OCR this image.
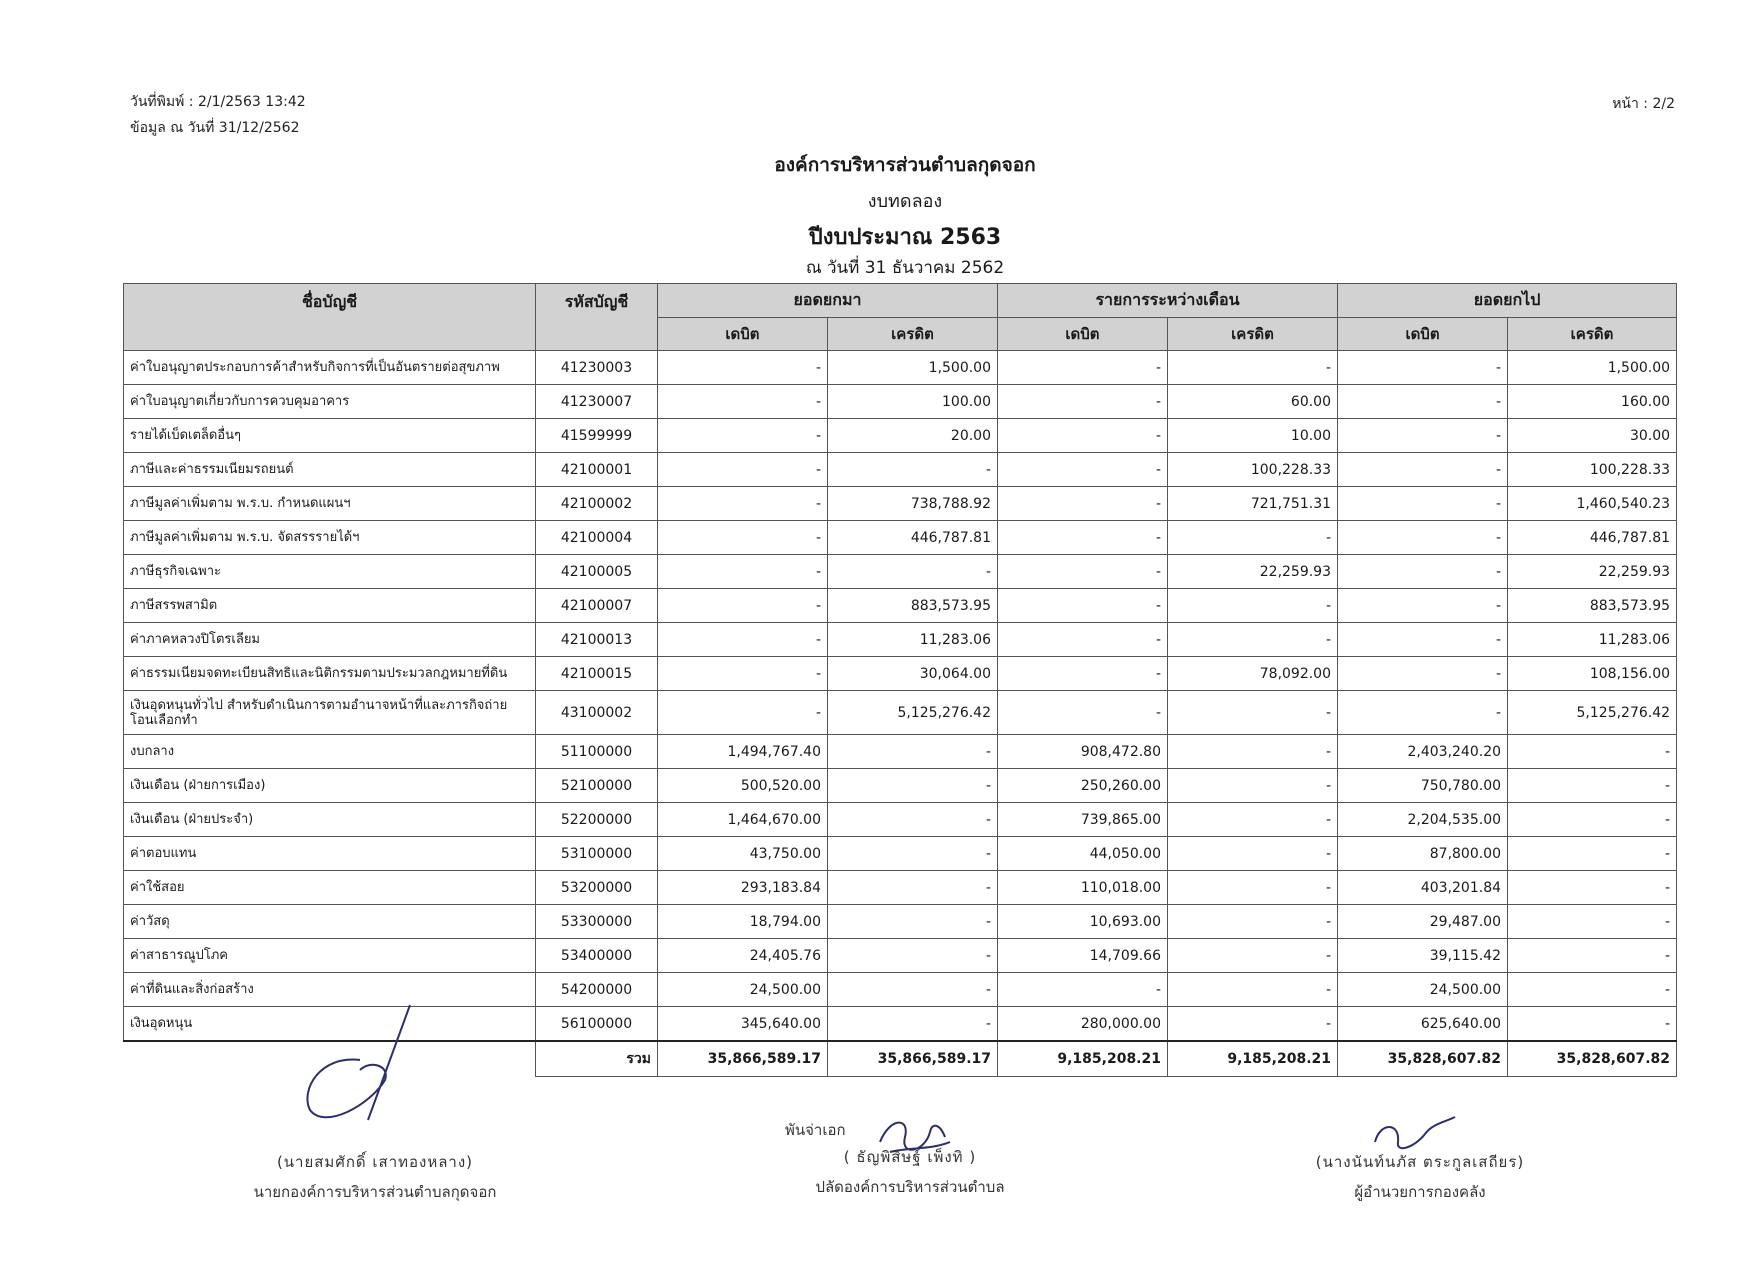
วันที่พิมพ์ : 2/1/2563 13:42
ข้อมูล ณ วันที่ 31/12/2562
หน้า : 2/2
องค์การบริหารส่วนตำบลกุดจอก
งบทดลอง
ปีงบประมาณ 2563
ณ วันที่ 31 ธันวาคม 2562
ชื่อบัญชี	รหัสบัญชี	ยอดยกมา		รายการระหว่างเดือน		ยอดยกไป	
		เดบิต	เครดิต	เดบิต	เครดิต	เดบิต	เครดิต
ค่าใบอนุญาตประกอบการค้าสำหรับกิจการที่เป็นอันตรายต่อสุขภาพ	41230003	-	1,500.00	-	-	-	1,500.00
ค่าใบอนุญาตเกี่ยวกับการควบคุมอาคาร	41230007	-	100.00	-	60.00	-	160.00
รายได้เบ็ดเตล็ดอื่นๆ	41599999	-	20.00	-	10.00	-	30.00
ภาษีและค่าธรรมเนียมรถยนต์	42100001	-	-	-	100,228.33	-	100,228.33
ภาษีมูลค่าเพิ่มตาม พ.ร.บ. กำหนดแผนฯ	42100002	-	738,788.92	-	721,751.31	-	1,460,540.23
ภาษีมูลค่าเพิ่มตาม พ.ร.บ. จัดสรรรายได้ฯ	42100004	-	446,787.81	-	-	-	446,787.81
ภาษีธุรกิจเฉพาะ	42100005	-	-	-	22,259.93	-	22,259.93
ภาษีสรรพสามิต	42100007	-	883,573.95	-	-	-	883,573.95
ค่าภาคหลวงปิโตรเลียม	42100013	-	11,283.06	-	-	-	11,283.06
ค่าธรรมเนียมจดทะเบียนสิทธิและนิติกรรมตามประมวลกฎหมายที่ดิน	42100015	-	30,064.00	-	78,092.00	-	108,156.00
เงินอุดหนุนทั่วไป สำหรับดำเนินการตามอำนาจหน้าที่และภารกิจถ่ายโอนเลือกทำ	43100002	-	5,125,276.42	-	-	-	5,125,276.42
งบกลาง	51100000	1,494,767.40	-	908,472.80	-	2,403,240.20	-
เงินเดือน (ฝ่ายการเมือง)	52100000	500,520.00	-	250,260.00	-	750,780.00	-
เงินเดือน (ฝ่ายประจำ)	52200000	1,464,670.00	-	739,865.00	-	2,204,535.00	-
ค่าตอบแทน	53100000	43,750.00	-	44,050.00	-	87,800.00	-
ค่าใช้สอย	53200000	293,183.84	-	110,018.00	-	403,201.84	-
ค่าวัสดุ	53300000	18,794.00	-	10,693.00	-	29,487.00	-
ค่าสาธารณูปโภค	53400000	24,405.76	-	14,709.66	-	39,115.42	-
ค่าที่ดินและสิ่งก่อสร้าง	54200000	24,500.00	-	-	-	24,500.00	-
เงินอุดหนุน	56100000	345,640.00	-	280,000.00	-	625,640.00	-
	รวม	35,866,589.17	35,866,589.17	9,185,208.21	9,185,208.21	35,828,607.82	35,828,607.82
พันจ่าเอก
(นายสมศักดิ์ เสาทองหลาง)
นายกองค์การบริหารส่วนตำบลกุดจอก
( ธัญพิสิษฐ์ เพ็งทิ )
ปลัดองค์การบริหารส่วนตำบล
(นางนันท์นภัส ตระกูลเสถียร)
ผู้อำนวยการกองคลัง
